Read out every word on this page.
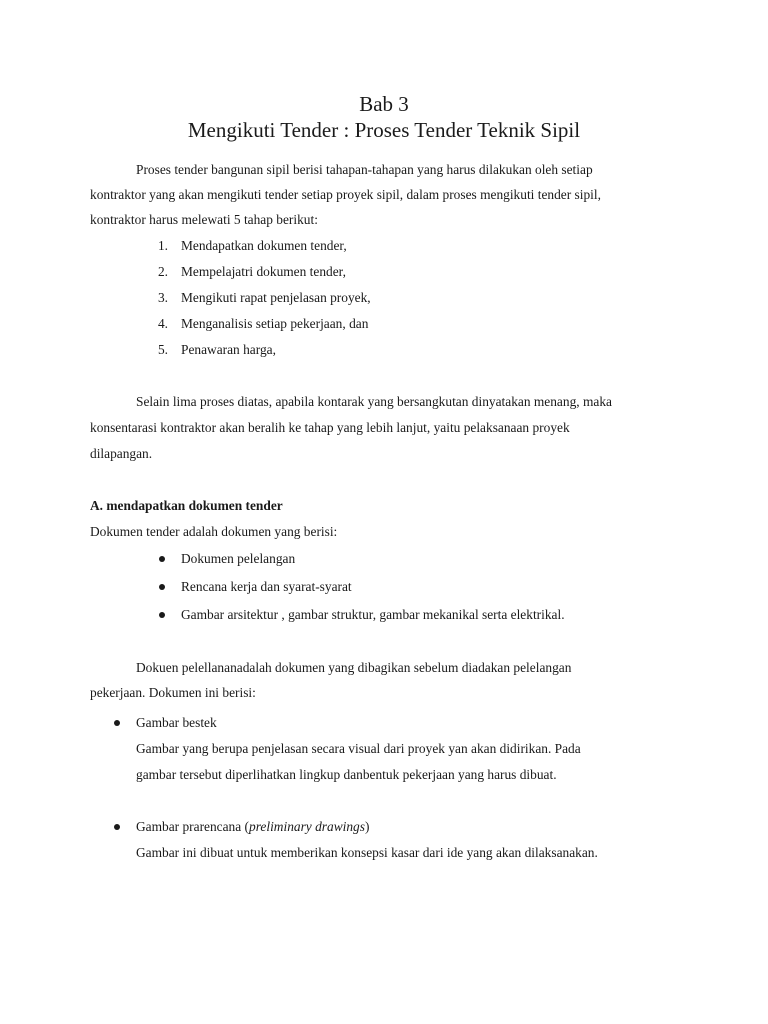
Bab 3
Mengikuti Tender : Proses Tender Teknik Sipil
Proses tender bangunan sipil berisi tahapan-tahapan yang harus dilakukan oleh setiap
kontraktor yang akan mengikuti tender setiap proyek sipil, dalam proses mengikuti tender sipil,
kontraktor harus melewati 5 tahap berikut:
1. Mendapatkan dokumen tender,
2. Mempelajatri dokumen tender,
3. Mengikuti rapat penjelasan proyek,
4. Menganalisis setiap pekerjaan, dan
5. Penawaran harga,
Selain lima proses diatas, apabila kontarak yang bersangkutan dinyatakan menang, maka
konsentarasi kontraktor akan beralih ke tahap yang lebih lanjut, yaitu pelaksanaan proyek
dilapangan.
A. mendapatkan dokumen tender
Dokumen tender adalah dokumen yang berisi:
Dokumen pelelangan
Rencana kerja dan syarat-syarat
Gambar arsitektur , gambar struktur, gambar mekanikal serta elektrikal.
Dokuen pelellananadalah dokumen yang dibagikan sebelum diadakan pelelangan
pekerjaan. Dokumen ini berisi:
Gambar bestek
Gambar yang berupa penjelasan secara visual dari proyek yan akan didirikan. Pada
gambar tersebut diperlihatkan lingkup danbentuk pekerjaan yang harus dibuat.
Gambar prarencana (preliminary drawings)
Gambar ini dibuat untuk memberikan konsepsi kasar dari ide yang akan dilaksanakan.
